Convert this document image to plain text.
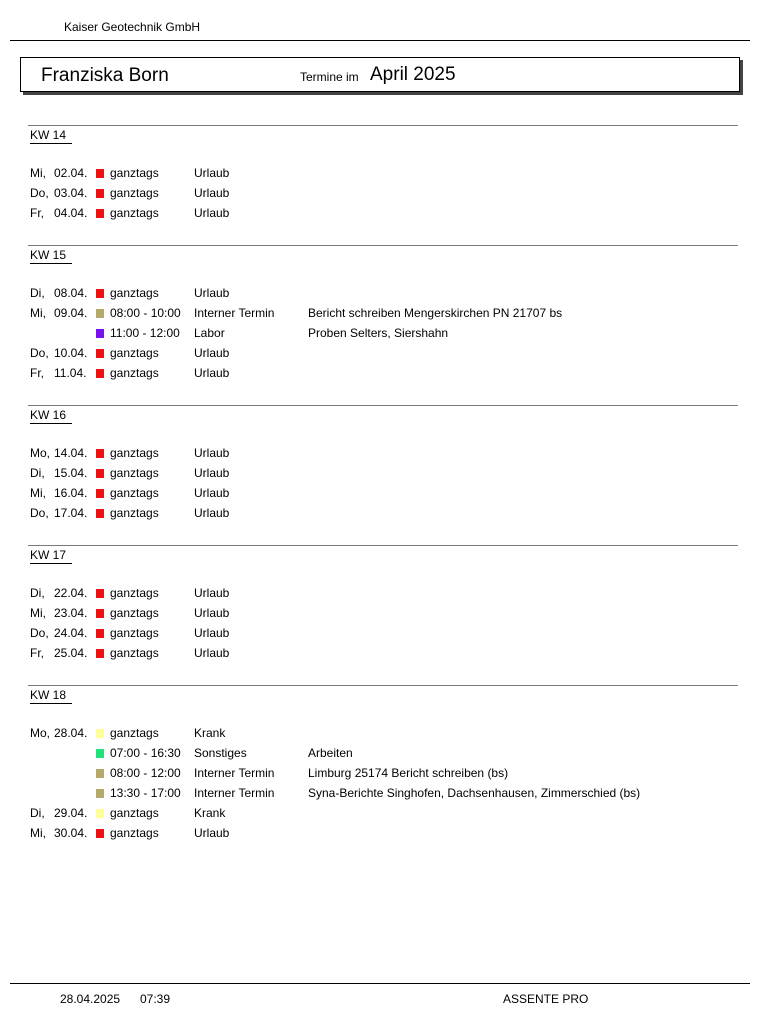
Kaiser Geotechnik GmbH
Franziska Born	Termine im April 2025
KW 14
Mi, 02.04. ganztags	Urlaub
Do, 03.04. ganztags	Urlaub
Fr, 04.04. ganztags	Urlaub
KW 15
Di, 08.04. ganztags	Urlaub
Mi, 09.04. 08:00 - 10:00 Interner Termin	Bericht schreiben Mengerskirchen PN 21707 bs
11:00 - 12:00 Labor	Proben Selters, Siershahn
Do, 10.04. ganztags	Urlaub
Fr, 11.04. ganztags	Urlaub
KW 16
Mo, 14.04. ganztags	Urlaub
Di, 15.04. ganztags	Urlaub
Mi, 16.04. ganztags	Urlaub
Do, 17.04. ganztags	Urlaub
KW 17
Di, 22.04. ganztags	Urlaub
Mi, 23.04. ganztags	Urlaub
Do, 24.04. ganztags	Urlaub
Fr, 25.04. ganztags	Urlaub
KW 18
Mo, 28.04. ganztags	Krank
07:00 - 16:30 Sonstiges	Arbeiten
08:00 - 12:00 Interner Termin	Limburg 25174 Bericht schreiben (bs)
13:30 - 17:00 Interner Termin	Syna-Berichte Singhofen, Dachsenhausen, Zimmerschied (bs)
Di, 29.04. ganztags	Krank
Mi, 30.04. ganztags	Urlaub
28.04.2025 07:39	ASSENTE PRO
